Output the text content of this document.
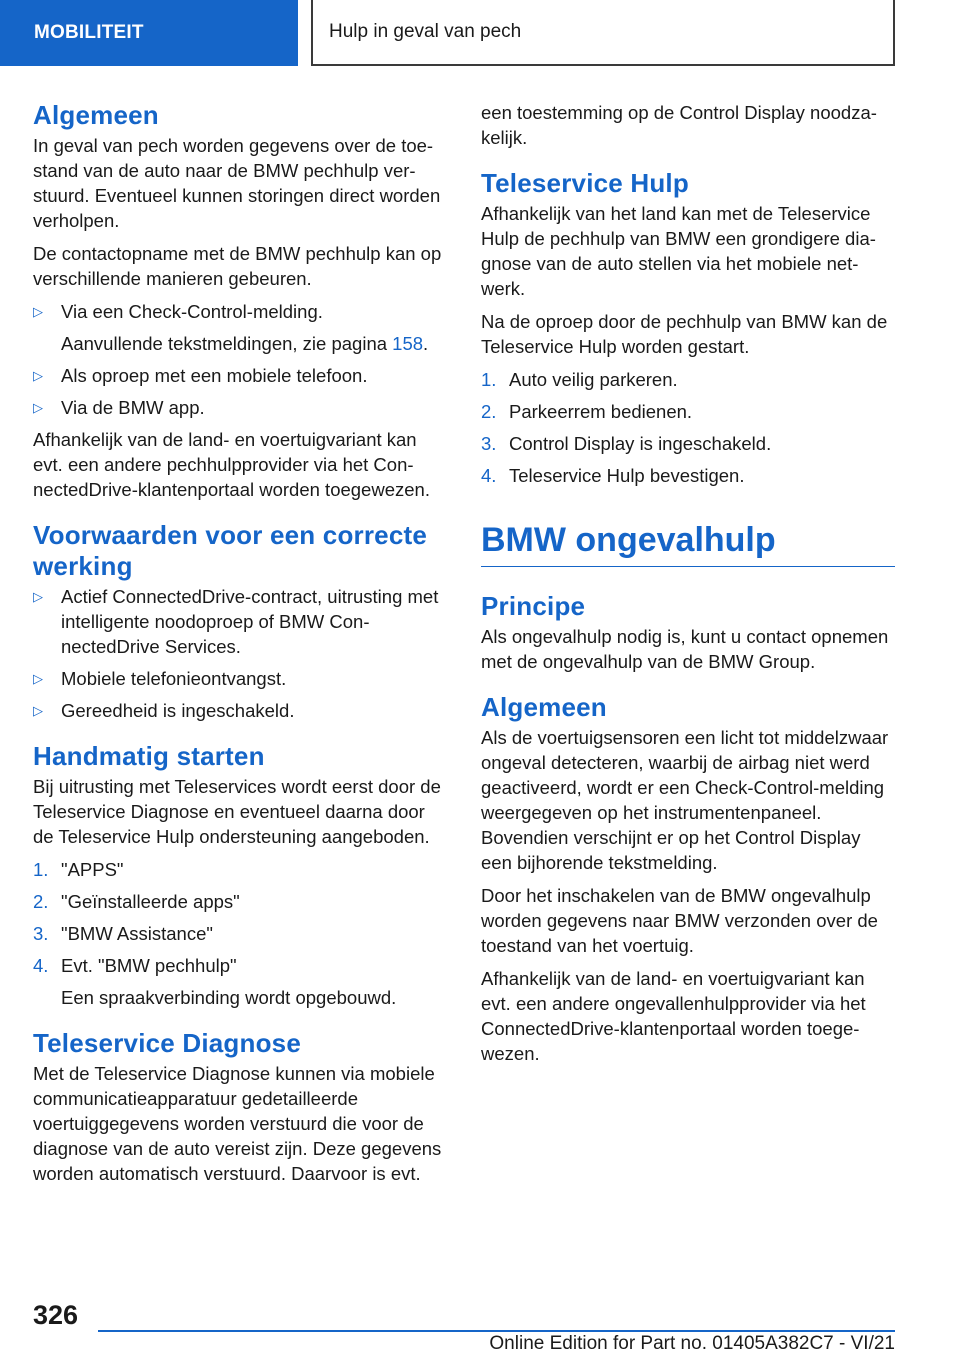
MOBILITEIT	Hulp in geval van pech
Algemeen

In geval van pech worden gegevens over de toestand van de auto naar de BMW pechhulp verstuurd. Eventueel kunnen storingen direct worden verholpen.

De contactopname met de BMW pechhulp kan op verschillende manieren gebeuren.

▷ Via een Check-Control-melding.
Aanvullende tekstmeldingen, zie pagina 158.
▷ Als oproep met een mobiele telefoon.
▷ Via de BMW app.

Afhankelijk van de land- en voertuigvariant kan evt. een andere pechhulpprovider via het ConnectedDrive-klantenportaal worden toegewezen.

Voorwaarden voor een correcte werking
▷ Actief ConnectedDrive-contract, uitrusting met intelligente noodoproep of BMW ConnectedDrive Services.
▷ Mobiele telefonieontvangst.
▷ Gereedheid is ingeschakeld.
Handmatig starten

Bij uitrusting met Teleservices wordt eerst door de Teleservice Diagnose en eventueel daarna door de Teleservice Hulp ondersteuning aangeboden.

1. "APPS"
2. "Geïnstalleerde apps"
3. "BMW Assistance"
4. Evt. "BMW pechhulp"
Een spraakverbinding wordt opgebouwd.
Teleservice Diagnose

Met de Teleservice Diagnose kunnen via mobiele communicatieapparatuur gedetailleerde voertuiggegevens worden verstuurd die voor de diagnose van de auto vereist zijn. Deze gegevens worden automatisch verstuurd. Daarvoor is evt.

een toestemming op de Control Display noodzakelijk.

Teleservice Hulp

Afhankelijk van het land kan met de Teleservice Hulp de pechhulp van BMW een grondigere diagnose van de auto stellen via het mobiele netwerk.

Na de oproep door de pechhulp van BMW kan de Teleservice Hulp worden gestart.

1. Auto veilig parkeren.
2. Parkeerrem bedienen.
3. Control Display is ingeschakeld.
4. Teleservice Hulp bevestigen.
BMW ongevalhulp
Principe

Als ongevalhulp nodig is, kunt u contact opnemen met de ongevalhulp van de BMW Group.

Algemeen

Als de voertuigsensoren een licht tot middelzwaar ongeval detecteren, waarbij de airbag niet werd geactiveerd, wordt er een Check-Control-melding weergegeven op het instrumentenpaneel. Bovendien verschijnt er op het Control Display een bijhorende tekstmelding.

Door het inschakelen van de BMW ongevalhulp worden gegevens naar BMW verzonden over de toestand van het voertuig.

Afhankelijk van de land- en voertuigvariant kan evt. een andere ongevallenhulpprovider via het ConnectedDrive-klantenportaal worden toegewezen.

326
Online Edition for Part no. 01405A382C7 - VI/21
